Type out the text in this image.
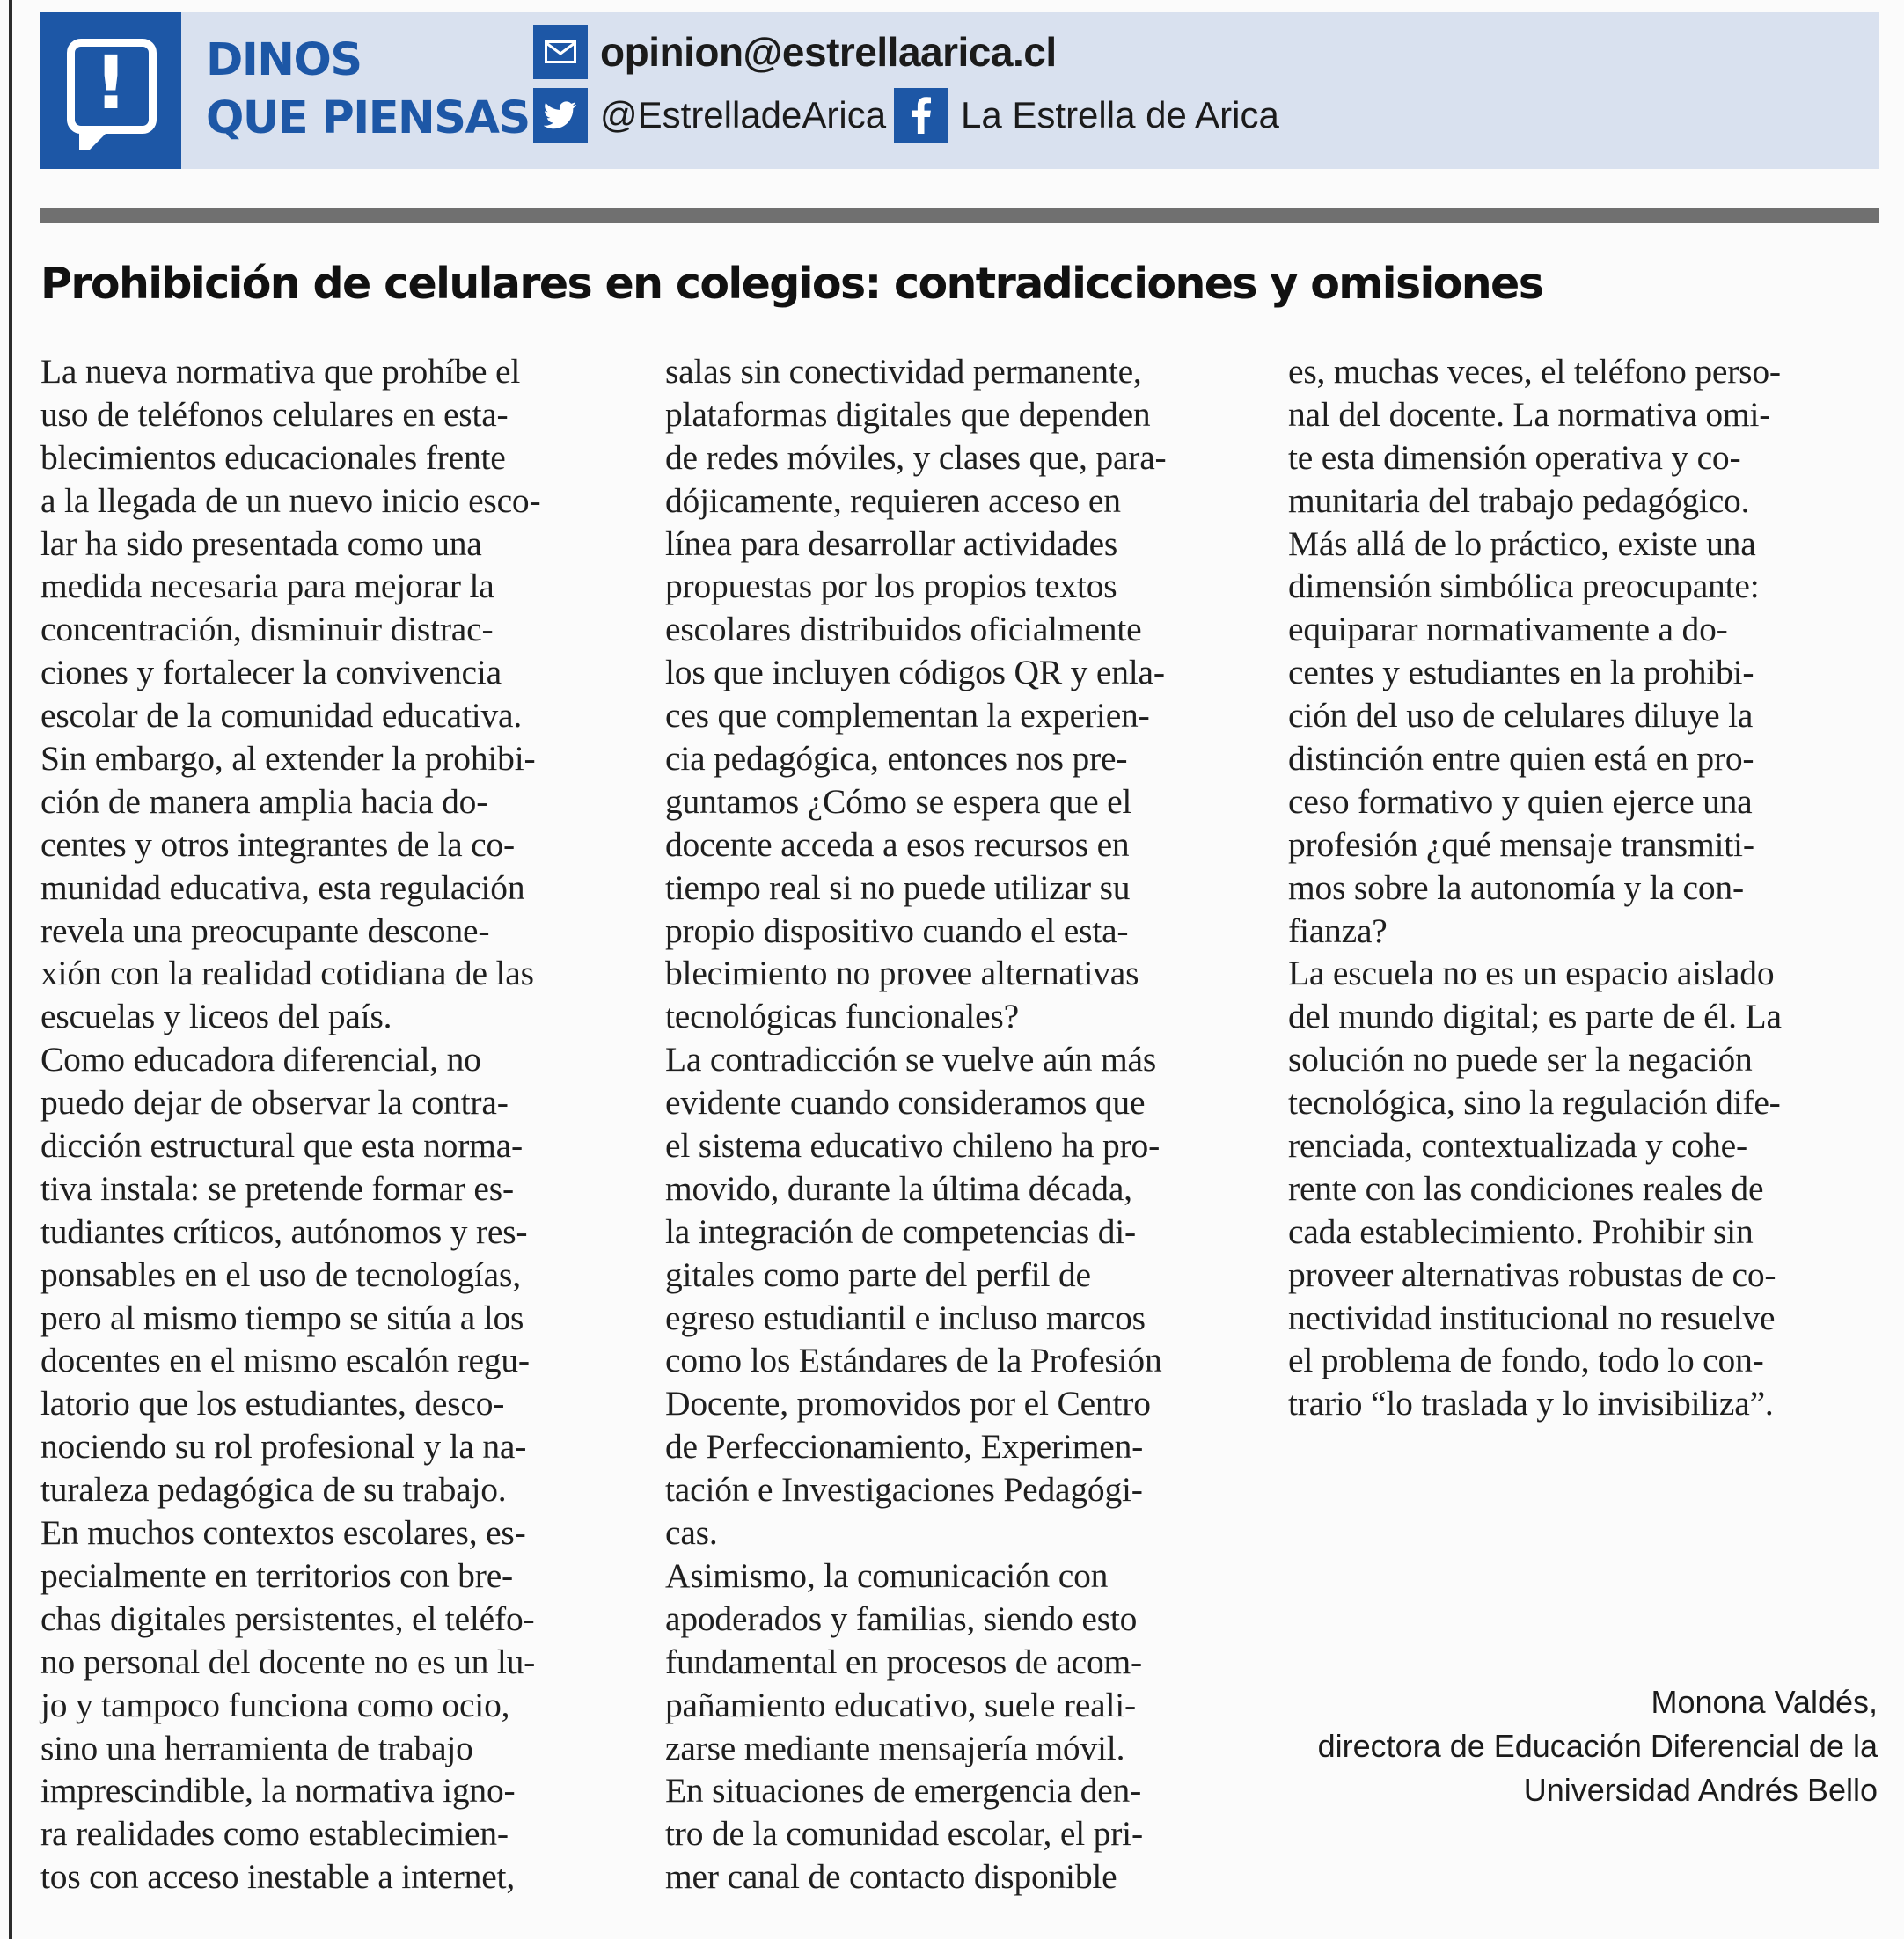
!	DINOS
QUE PIENSAS
opinion@estrellaarica.cl
@EstrelladeArica La Estrella de Arica
Prohibición de celulares en colegios: contradicciones y omisiones
La nueva normativa que prohíbe el
uso de teléfonos celulares en esta-
blecimientos educacionales frente
a la llegada de un nuevo inicio esco-
lar ha sido presentada como una
medida necesaria para mejorar la
concentración, disminuir distrac-
ciones y fortalecer la convivencia
escolar de la comunidad educativa.
Sin embargo, al extender la prohibi-
ción de manera amplia hacia do-
centes y otros integrantes de la co-
munidad educativa, esta regulación
revela una preocupante descone-
xión con la realidad cotidiana de las
escuelas y liceos del país.
Como educadora diferencial, no
puedo dejar de observar la contra-
dicción estructural que esta norma-
tiva instala: se pretende formar es-
tudiantes críticos, autónomos y res-
ponsables en el uso de tecnologías,
pero al mismo tiempo se sitúa a los
docentes en el mismo escalón regu-
latorio que los estudiantes, desco-
nociendo su rol profesional y la na-
turaleza pedagógica de su trabajo.
En muchos contextos escolares, es-
pecialmente en territorios con bre-
chas digitales persistentes, el teléfo-
no personal del docente no es un lu-
jo y tampoco funciona como ocio,
sino una herramienta de trabajo
imprescindible, la normativa igno-
ra realidades como establecimien-
tos con acceso inestable a internet,
salas sin conectividad permanente,
plataformas digitales que dependen
de redes móviles, y clases que, para-
dójicamente, requieren acceso en
línea para desarrollar actividades
propuestas por los propios textos
escolares distribuidos oficialmente
los que incluyen códigos QR y enla-
ces que complementan la experien-
cia pedagógica, entonces nos pre-
guntamos ¿Cómo se espera que el
docente acceda a esos recursos en
tiempo real si no puede utilizar su
propio dispositivo cuando el esta-
blecimiento no provee alternativas
tecnológicas funcionales?
La contradicción se vuelve aún más
evidente cuando consideramos que
el sistema educativo chileno ha pro-
movido, durante la última década,
la integración de competencias di-
gitales como parte del perfil de
egreso estudiantil e incluso marcos
como los Estándares de la Profesión
Docente, promovidos por el Centro
de Perfeccionamiento, Experimen-
tación e Investigaciones Pedagógi-
cas.
Asimismo, la comunicación con
apoderados y familias, siendo esto
fundamental en procesos de acom-
pañamiento educativo, suele reali-
zarse mediante mensajería móvil.
En situaciones de emergencia den-
tro de la comunidad escolar, el pri-
mer canal de contacto disponible
es, muchas veces, el teléfono perso-
nal del docente. La normativa omi-
te esta dimensión operativa y co-
munitaria del trabajo pedagógico.
Más allá de lo práctico, existe una
dimensión simbólica preocupante:
equiparar normativamente a do-
centes y estudiantes en la prohibi-
ción del uso de celulares diluye la
distinción entre quien está en pro-
ceso formativo y quien ejerce una
profesión ¿qué mensaje transmiti-
mos sobre la autonomía y la con-
fianza?
La escuela no es un espacio aislado
del mundo digital; es parte de él. La
solución no puede ser la negación
tecnológica, sino la regulación dife-
renciada, contextualizada y cohe-
rente con las condiciones reales de
cada establecimiento. Prohibir sin
proveer alternativas robustas de co-
nectividad institucional no resuelve
el problema de fondo, todo lo con-
trario “lo traslada y lo invisibiliza”.
Monona Valdés,
directora de Educación Diferencial de la
Universidad Andrés Bello
